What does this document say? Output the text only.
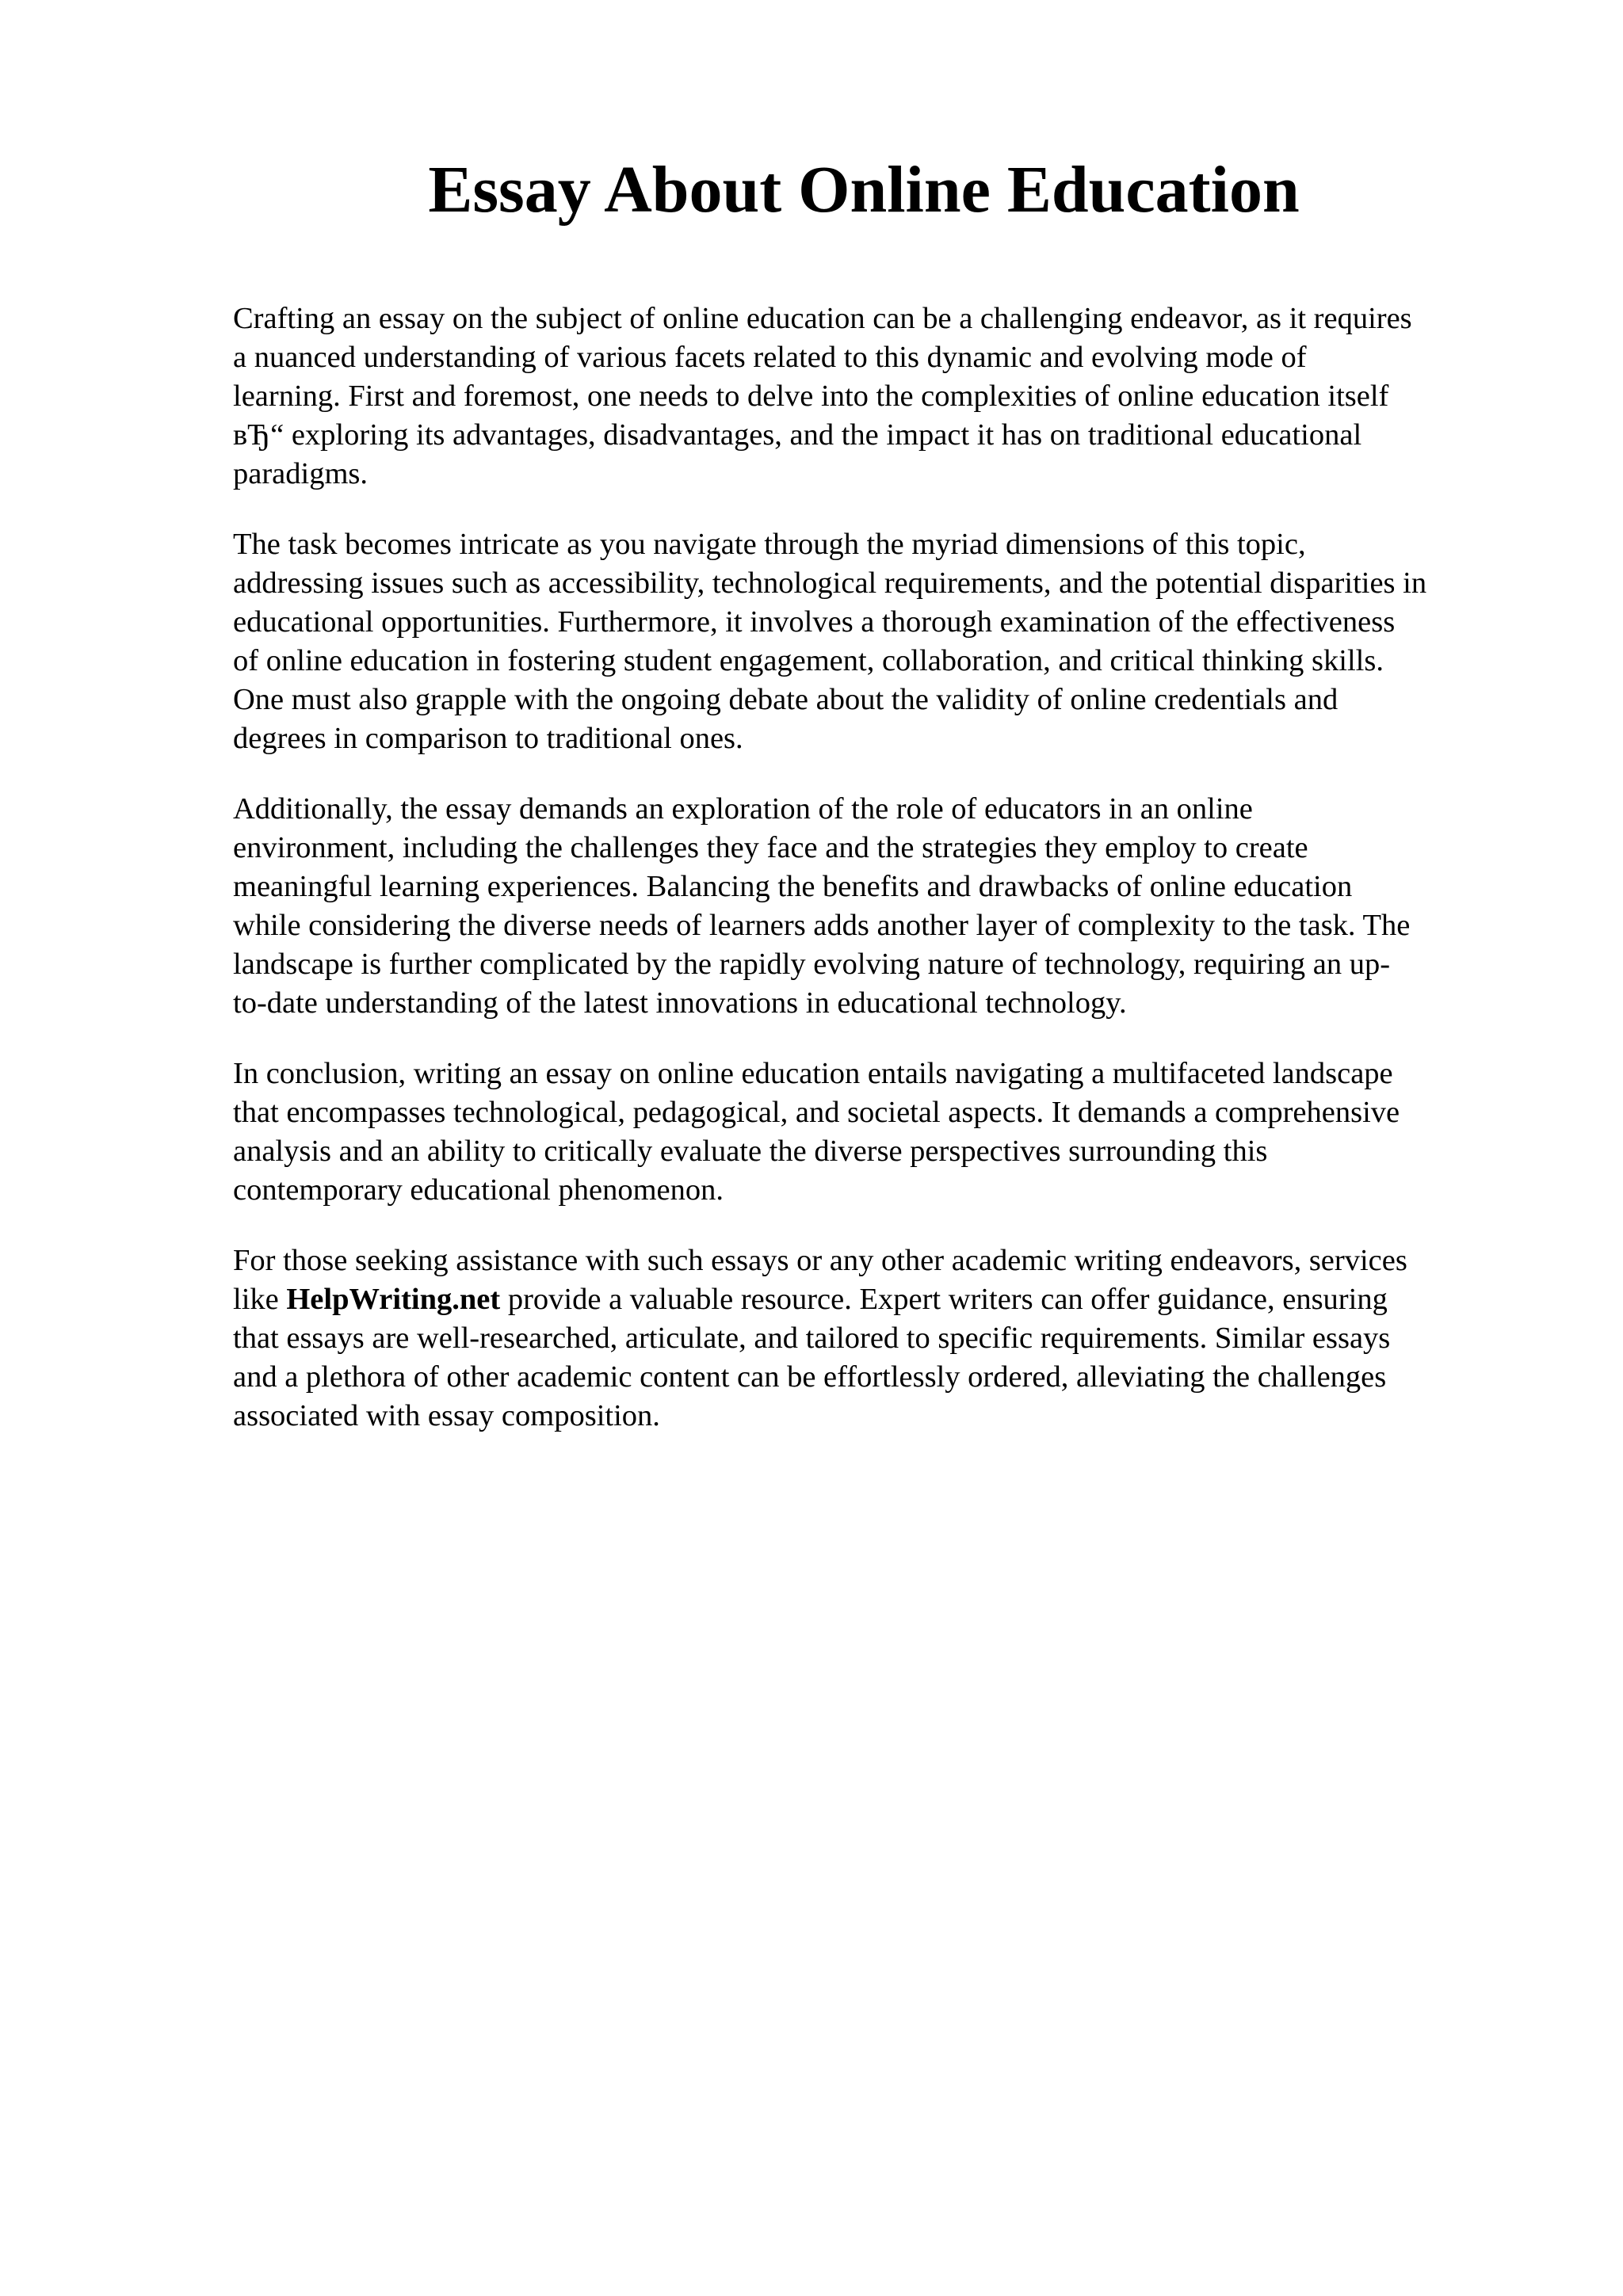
Essay About Online Education

Crafting an essay on the subject of online education can be a challenging endeavor, as it requires
a nuanced understanding of various facets related to this dynamic and evolving mode of
learning. First and foremost, one needs to delve into the complexities of online education itself
вЂ“ exploring its advantages, disadvantages, and the impact it has on traditional educational
paradigms.

The task becomes intricate as you navigate through the myriad dimensions of this topic,
addressing issues such as accessibility, technological requirements, and the potential disparities in
educational opportunities. Furthermore, it involves a thorough examination of the effectiveness
of online education in fostering student engagement, collaboration, and critical thinking skills.
One must also grapple with the ongoing debate about the validity of online credentials and
degrees in comparison to traditional ones.

Additionally, the essay demands an exploration of the role of educators in an online
environment, including the challenges they face and the strategies they employ to create
meaningful learning experiences. Balancing the benefits and drawbacks of online education
while considering the diverse needs of learners adds another layer of complexity to the task. The
landscape is further complicated by the rapidly evolving nature of technology, requiring an up-
to-date understanding of the latest innovations in educational technology.

In conclusion, writing an essay on online education entails navigating a multifaceted landscape
that encompasses technological, pedagogical, and societal aspects. It demands a comprehensive
analysis and an ability to critically evaluate the diverse perspectives surrounding this
contemporary educational phenomenon.

For those seeking assistance with such essays or any other academic writing endeavors, services
like HelpWriting.net provide a valuable resource. Expert writers can offer guidance, ensuring
that essays are well-researched, articulate, and tailored to specific requirements. Similar essays
and a plethora of other academic content can be effortlessly ordered, alleviating the challenges
associated with essay composition.
